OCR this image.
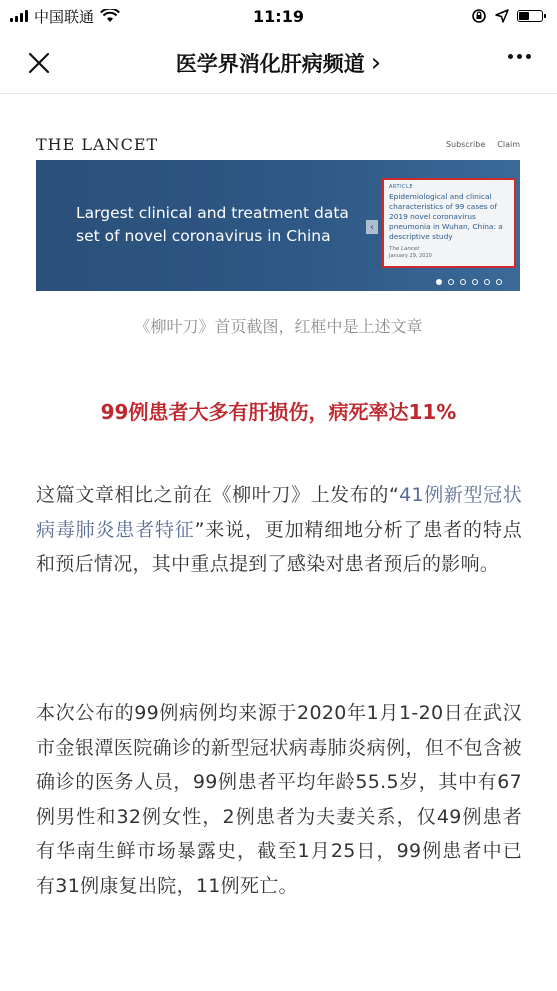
中国联通	11:19
医学界消化肝病频道 ›
THE LANCET	Subscribe Claim
Largest clinical and treatment data
set of novel coronavirus in China	‹
ARTICLE
Epidemiological and clinical characteristics of 99 cases of 2019 novel coronavirus pneumonia in Wuhan, China: a descriptive study
The Lancet
January 29, 2020
《柳叶刀》首页截图，红框中是上述文章
99例患者大多有肝损伤，病死率达11%

这篇文章相比之前在《柳叶刀》上发布的“41例新型冠状病毒肺炎患者特征”来说，更加精细地分析了患者的特点和预后情况，其中重点提到了感染对患者预后的影响。

本次公布的99例病例均来源于2020年1月1-20日在武汉市金银潭医院确诊的新型冠状病毒肺炎病例，但不包含被确诊的医务人员，99例患者平均年龄55.5岁，其中有67例男性和32例女性，2例患者为夫妻关系，仅49例患者有华南生鲜市场暴露史，截至1月25日，99例患者中已有31例康复出院，11例死亡。
